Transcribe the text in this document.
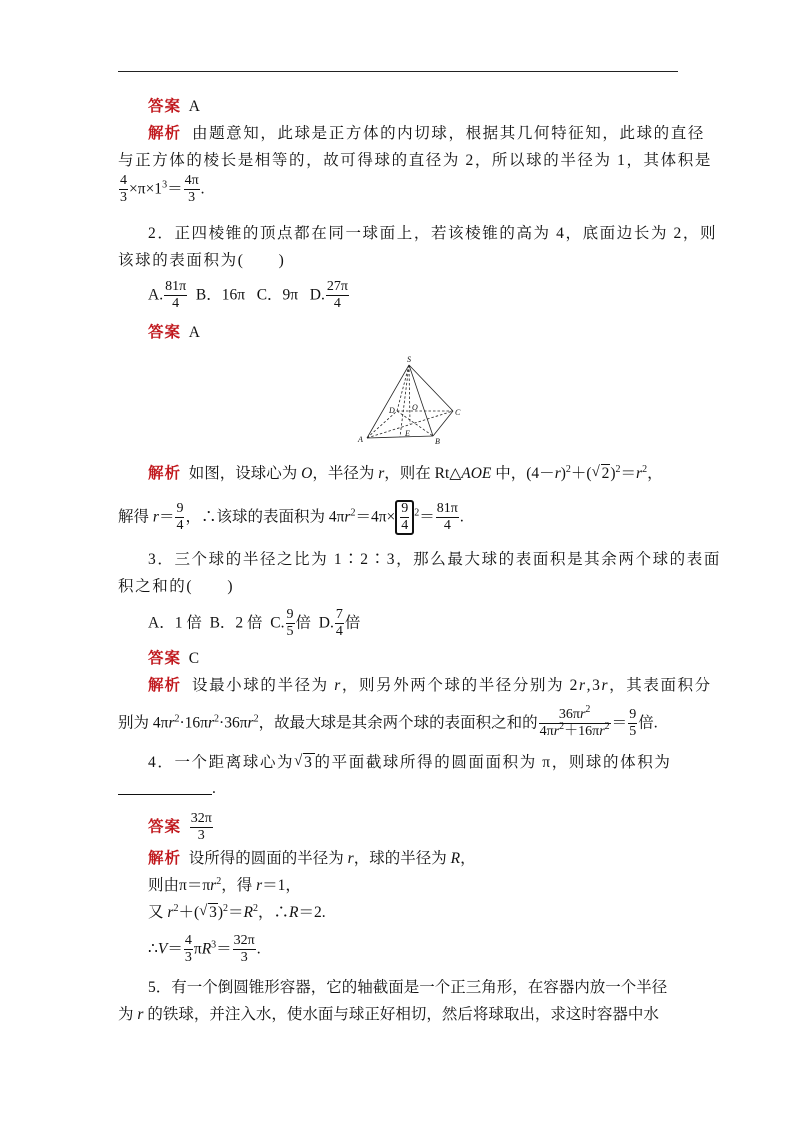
答案 A
解析 由题意知，此球是正方体的内切球，根据其几何特征知，此球的直径
与正方体的棱长是相等的，故可得球的直径为 2，所以球的半径为 1，其体积是
$\frac{4}{3} \times\pi\times 1^3= \frac{4\pi}{3}$ .
2．正四棱锥的顶点都在同一球面上，若该棱锥的高为 4，底面边长为 2，则
该球的表面积为(　　)
A. $\frac{81\pi}{4}$ B．16π C．9π D. $\frac{27\pi}{4}$
答案 A
S
D O
C
E
A	B
解析 如图，设球心为 O，半径为 r，则在 Rt△AOE 中，$(4-r)^2+(√$ $2)^2=r^2$，
解得 $r= \frac{9}{4}$ ，∴该球的表面积为 $4\pi r^2=4\pi\times \frac{9}{4} ^2= \frac{81\pi}{4}$ .
3．三个球的半径之比为 1∶2∶3，那么最大球的表面积是其余两个球的表面
积之和的(　　)
A．1 倍 B．2 倍 C. $\frac{9}{5}$ 倍 D. $\frac{7}{4}$ 倍
答案 C
解析 设最小球的半径为 r，则另外两个球的半径分别为 2r,3r，其表面积分
别为 $4\pi r^2\cdot 16\pi r^2\cdot 36\pi r^2$，故最大球是其余两个球的表面积之和的 $\frac{36\pi r^2}{4\pi r^2+16\pi r^2} = \frac{9}{5}$ 倍.
4．一个距离球心为√ 3的平面截球所得的圆面面积为 π，则球的体积为
.
答案 $\frac{32\pi}{3}$
解析 设所得的圆面的半径为 r，球的半径为 R，
则由$\pi=\pi r^2$，得 r＝1，
又 $r^2+(√$ $3)^2=R^2$，∴R＝2.
∴V＝ $\frac{4}{3} \pi R^3= \frac{32\pi}{3}$ .
5．有一个倒圆锥形容器，它的轴截面是一个正三角形，在容器内放一个半径
为 r 的铁球，并注入水，使水面与球正好相切，然后将球取出，求这时容器中水
